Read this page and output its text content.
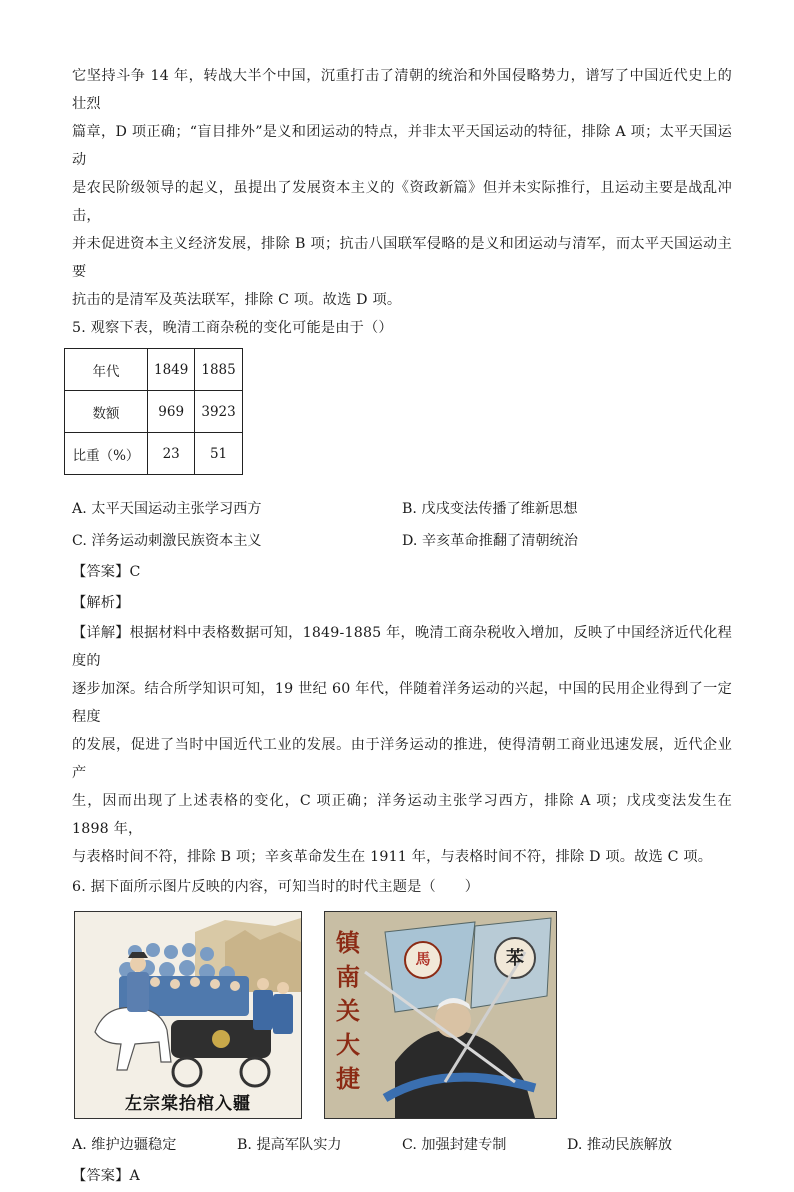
它坚持斗争 14 年，转战大半个中国，沉重打击了清朝的统治和外国侵略势力，谱写了中国近代史上的壮烈

篇章，D 项正确；“盲目排外”是义和团运动的特点，并非太平天国运动的特征，排除 A 项；太平天国运动

是农民阶级领导的起义，虽提出了发展资本主义的《资政新篇》但并未实际推行，且运动主要是战乱冲击，

并未促进资本主义经济发展，排除 B 项；抗击八国联军侵略的是义和团运动与清军，而太平天国运动主要

抗击的是清军及英法联军，排除 C 项。故选 D 项。

5. 观察下表，晚清工商杂税的变化可能是由于（）

年代	1849	1885
数额	969	3923
比重（%）	23	51
A. 太平天国运动主张学习西方	B. 戊戌变法传播了维新思想
C. 洋务运动刺激民族资本主义	D. 辛亥革命推翻了清朝统治

【答案】C

【解析】

【详解】根据材料中表格数据可知，1849-1885 年，晚清工商杂税收入增加，反映了中国经济近代化程度的

逐步加深。结合所学知识可知，19 世纪 60 年代，伴随着洋务运动的兴起，中国的民用企业得到了一定程度

的发展，促进了当时中国近代工业的发展。由于洋务运动的推进，使得清朝工商业迅速发展，近代企业产

生，因而出现了上述表格的变化，C 项正确；洋务运动主张学习西方，排除 A 项；戊戌变法发生在 1898 年，

与表格时间不符，排除 B 项；辛亥革命发生在 1911 年，与表格时间不符，排除 D 项。故选 C 项。

6. 据下面所示图片反映的内容，可知当时的时代主题是（　　）

左宗棠抬棺入疆
镇
南
关
大
捷
馬	苯
A. 维护边疆稳定	B. 提高军队实力	C. 加强封建专制	D. 推动民族解放

【答案】A
